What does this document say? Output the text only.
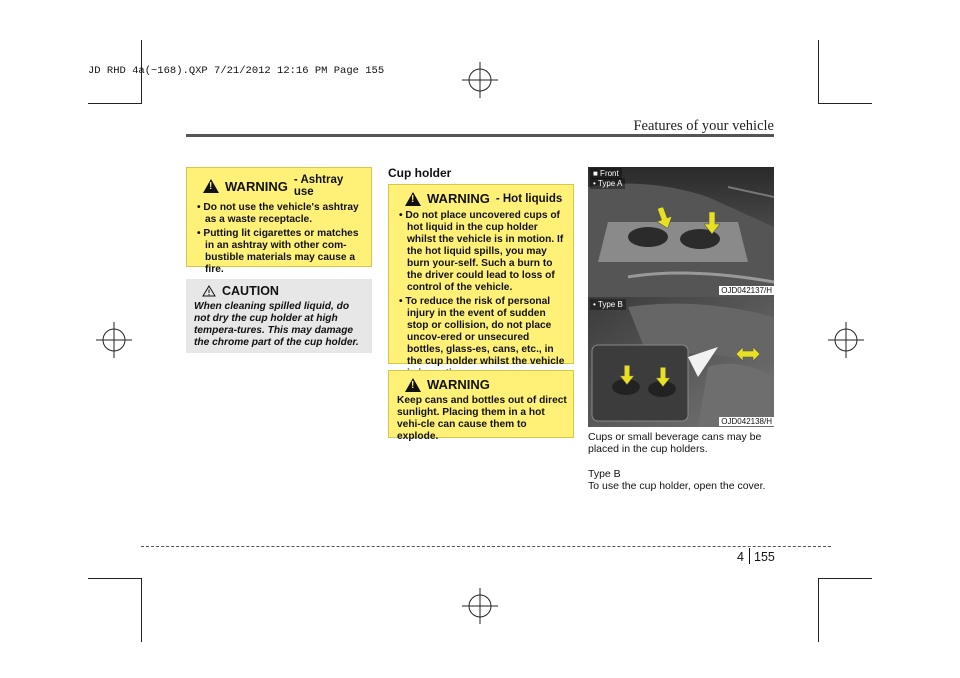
JD RHD 4a(~168).QXP 7/21/2012 12:16 PM Page 155
Features of your vehicle
!
WARNING - Ashtray use
• Do not use the vehicle's ashtray as a waste receptacle.
• Putting lit cigarettes or matches in an ashtray with other com-bustible materials may cause a fire.
CAUTION
When cleaning spilled liquid, do not dry the cup holder at high tempera-tures. This may damage the chrome part of the cup holder.
Cup holder
!
WARNING - Hot liquids
• Do not place uncovered cups of hot liquid in the cup holder whilst the vehicle is in motion. If the hot liquid spills, you may burn your-self. Such a burn to the driver could lead to loss of control of the vehicle.
• To reduce the risk of personal injury in the event of sudden stop or collision, do not place uncov-ered or unsecured bottles, glass-es, cans, etc., in the cup holder whilst the vehicle
!
WARNING
Keep cans and bottles out of direct sunlight. Placing them in a hot vehi-cle can cause them to explode.
■ Front
• Type A
OJD042137/H
• Type B
OJD042138/H
Cups or small beverage cans may be placed in the cup holders.
Type B
To use the cup holder, open the cover.
4 155
